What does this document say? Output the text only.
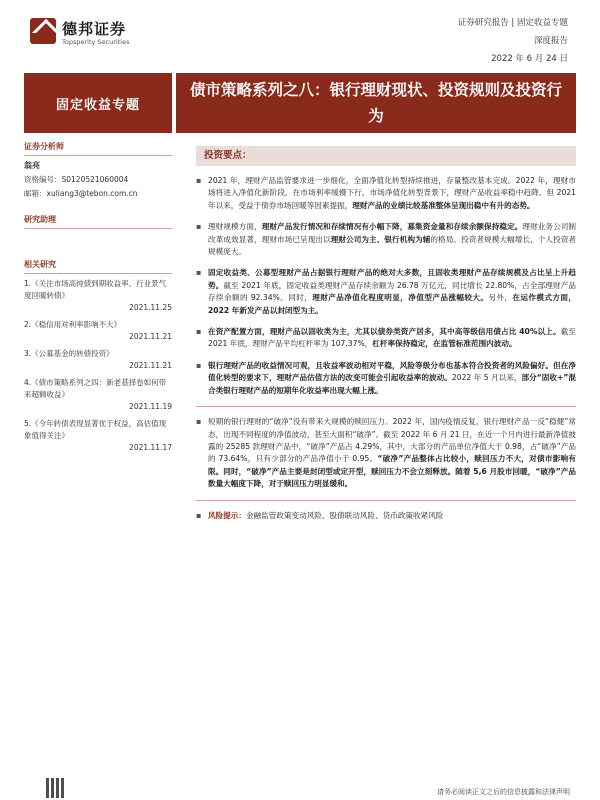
德邦证券
Topsperity Securities
证券研究报告 | 固定收益专题
深度报告
2022 年 6 月 24 日
固定收益专题
债市策略系列之八：银行理财现状、投资规则及投资行为
证券分析师
翁亮
资格编号：S0120521060004
邮箱：xuliang3@tebon.com.cn
研究助理
相关研究
1.《关注市场高纯债到期收益率、行业景气度回暖转债》
2021.11.25
2.《稳信用对利率影响不大》
2021.11.21
3.《公募基金的转债投资》
2021.11.21
4.《债市策略系列之四：新老基择卷如何带来超额收益》
2021.11.19
5.《今年转债表现显著优于权益，高估值现象值得关注》
2021.11.17
投资要点：
▪ 2021 年，理财产品监管要求进一步细化，全面净值化转型持续推进，存量整改基本完成。2022 年，理财市场将进入净值化新阶段，在市场利率缓慢下行、市场净值化转型背景下，理财产品收益率稳中趋降。但 2021 年以来，受益于债券市场回暖等因素提振，理财产品的业绩比较基准整体呈现出稳中有升的态势。
▪ 理财规模方面，理财产品发行情况和存续情况有小幅下降，募集资金量和存续余额保持稳定。理财业务公司制改革成效显著，理财市场已呈现出以理财公司为主、银行机构为辅的格局。投资者规模大幅增长，个人投资者规模庞大。
▪ 固定收益类、公募型理财产品占据银行理财产品的绝对大多数，且固收类理财产品存续规模及占比呈上升趋势。截至 2021 年底，固定收益类理财产品存续余额为 26.78 万亿元，同比增长 22.80%，占全部理财产品存续余额的 92.34%。同时，理财产品净值化程度明显，净值型产品涨幅较大。另外，在运作模式方面，2022 年新发产品以封闭型为主。
▪ 在资产配置方面，理财产品以固收类为主，尤其以债券类资产居多，其中高等级信用债占比 40%以上。截至 2021 年底，理财产品平均杠杆率为 107.37%，杠杆率保持稳定，在监管标准范围内波动。
▪ 银行理财产品的收益情况可观，且收益率波动相对平稳，风险等级分布也基本符合投资者的风险偏好。但在净值化转型的要求下，理财产品估值方法的改变可能会引起收益率的波动。2022 年 5 月以来，部分“固收+”混合类银行理财产品的短期年化收益率出现大幅上涨。
▪ 短期的银行理财的“破净”没有带来大规模的赎回压力。2022 年，国内疫情反复，银行理财产品一反“稳健”常态，出现不同程度的净值波动，甚至大面积“破净”。截至 2022 年 6 月 21 日，在近一个月内进行最新净值披露的 25285 款理财产品中，“破净”产品占 4.29%，其中，大部分的产品单位净值大于 0.98，占“破净”产品的 73.64%，只有少部分的产品净值小于 0.95。“破净”产品整体占比较小，赎回压力不大，对债市影响有限。同时，“破净”产品主要是封闭型或定开型，赎回压力不会立刻释放。随着 5,6 月股市回暖，“破净”产品数量大幅度下降，对于赎回压力明显缓和。
▪ 风险提示：金融监管政策变动风险、股债联动风险、货币政策收紧风险
请务必阅读正文之后的信息披露和法律声明
